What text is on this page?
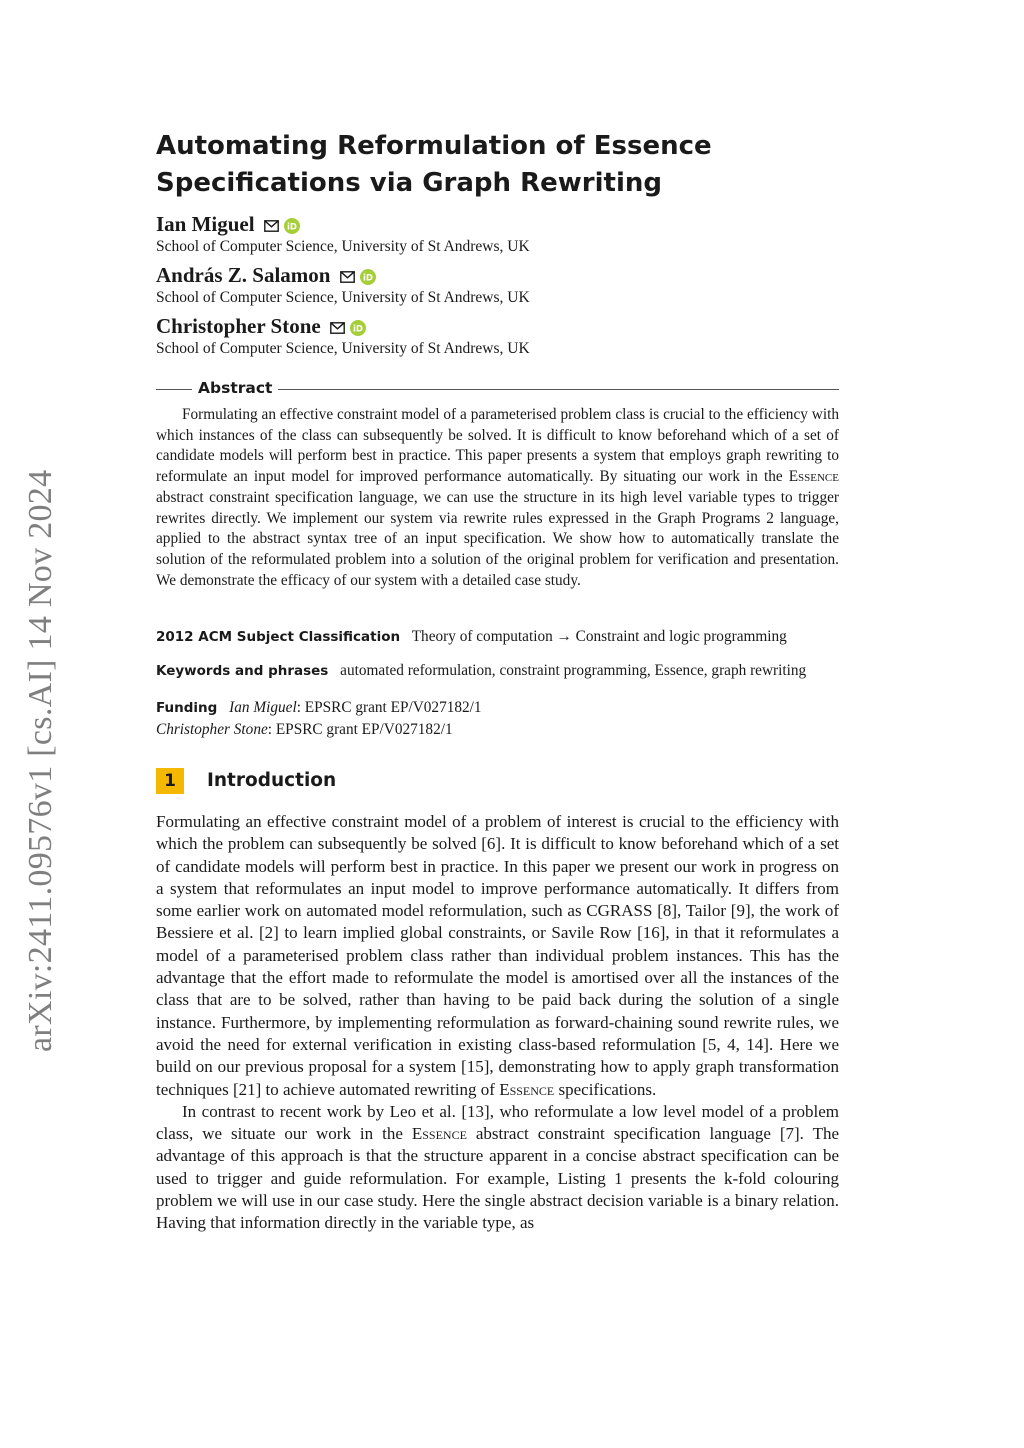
arXiv:2411.09576v1 [cs.AI] 14 Nov 2024
Automating Reformulation of Essence
Specifications via Graph Rewriting
Ian Miguel	iD
School of Computer Science, University of St Andrews, UK
András Z. Salamon	iD
School of Computer Science, University of St Andrews, UK
Christopher Stone	iD
School of Computer Science, University of St Andrews, UK
Abstract

Formulating an effective constraint model of a parameterised problem class is crucial to the efficiency with which instances of the class can subsequently be solved. It is difficult to know beforehand which of a set of candidate models will perform best in practice. This paper presents a system that employs graph rewriting to reformulate an input model for improved performance automatically. By situating our work in the Essence abstract constraint specification language, we can use the structure in its high level variable types to trigger rewrites directly. We implement our system via rewrite rules expressed in the Graph Programs 2 language, applied to the abstract syntax tree of an input specification. We show how to automatically translate the solution of the reformulated problem into a solution of the original problem for verification and presentation. We demonstrate the efficacy of our system with a detailed case study.

2012 ACM Subject Classification Theory of computation → Constraint and logic programming
Keywords and phrases automated reformulation, constraint programming, Essence, graph rewriting
Funding Ian Miguel: EPSRC grant EP/V027182/1
Christopher Stone: EPSRC grant EP/V027182/1
1	Introduction

Formulating an effective constraint model of a problem of interest is crucial to the efficiency with which the problem can subsequently be solved [6]. It is difficult to know beforehand which of a set of candidate models will perform best in practice. In this paper we present our work in progress on a system that reformulates an input model to improve performance automatically. It differs from some earlier work on automated model reformulation, such as CGRASS [8], Tailor [9], the work of Bessiere et al. [2] to learn implied global constraints, or Savile Row [16], in that it reformulates a model of a parameterised problem class rather than individual problem instances. This has the advantage that the effort made to reformulate the model is amortised over all the instances of the class that are to be solved, rather than having to be paid back during the solution of a single instance. Furthermore, by implementing reformulation as forward-chaining sound rewrite rules, we avoid the need for external verification in existing class-based reformulation [5, 4, 14]. Here we build on our previous proposal for a system [15], demonstrating how to apply graph transformation techniques [21] to achieve automated rewriting of Essence specifications.

In contrast to recent work by Leo et al. [13], who reformulate a low level model of a problem class, we situate our work in the Essence abstract constraint specification language [7]. The advantage of this approach is that the structure apparent in a concise abstract specification can be used to trigger and guide reformulation. For example, Listing 1 presents the k-fold colouring problem we will use in our case study. Here the single abstract decision variable is a binary relation. Having that information directly in the variable type, as
